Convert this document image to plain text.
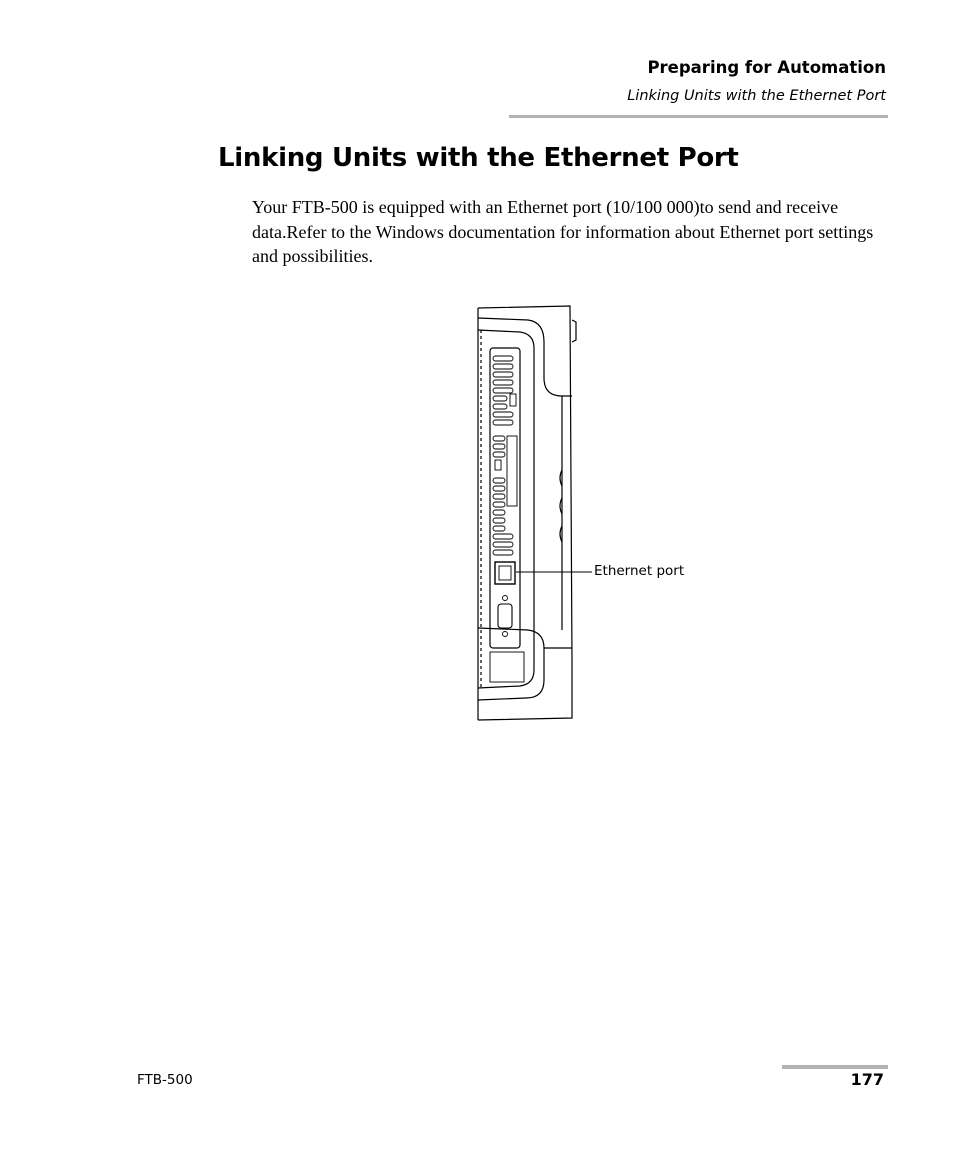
Preparing for Automation
Linking Units with the Ethernet Port
Linking Units with the Ethernet Port

Your FTB-500 is equipped with an Ethernet port (10/100 000)to send and receive data.Refer to the Windows documentation for information about Ethernet port settings and possibilities.

Ethernet port
FTB-500	177
